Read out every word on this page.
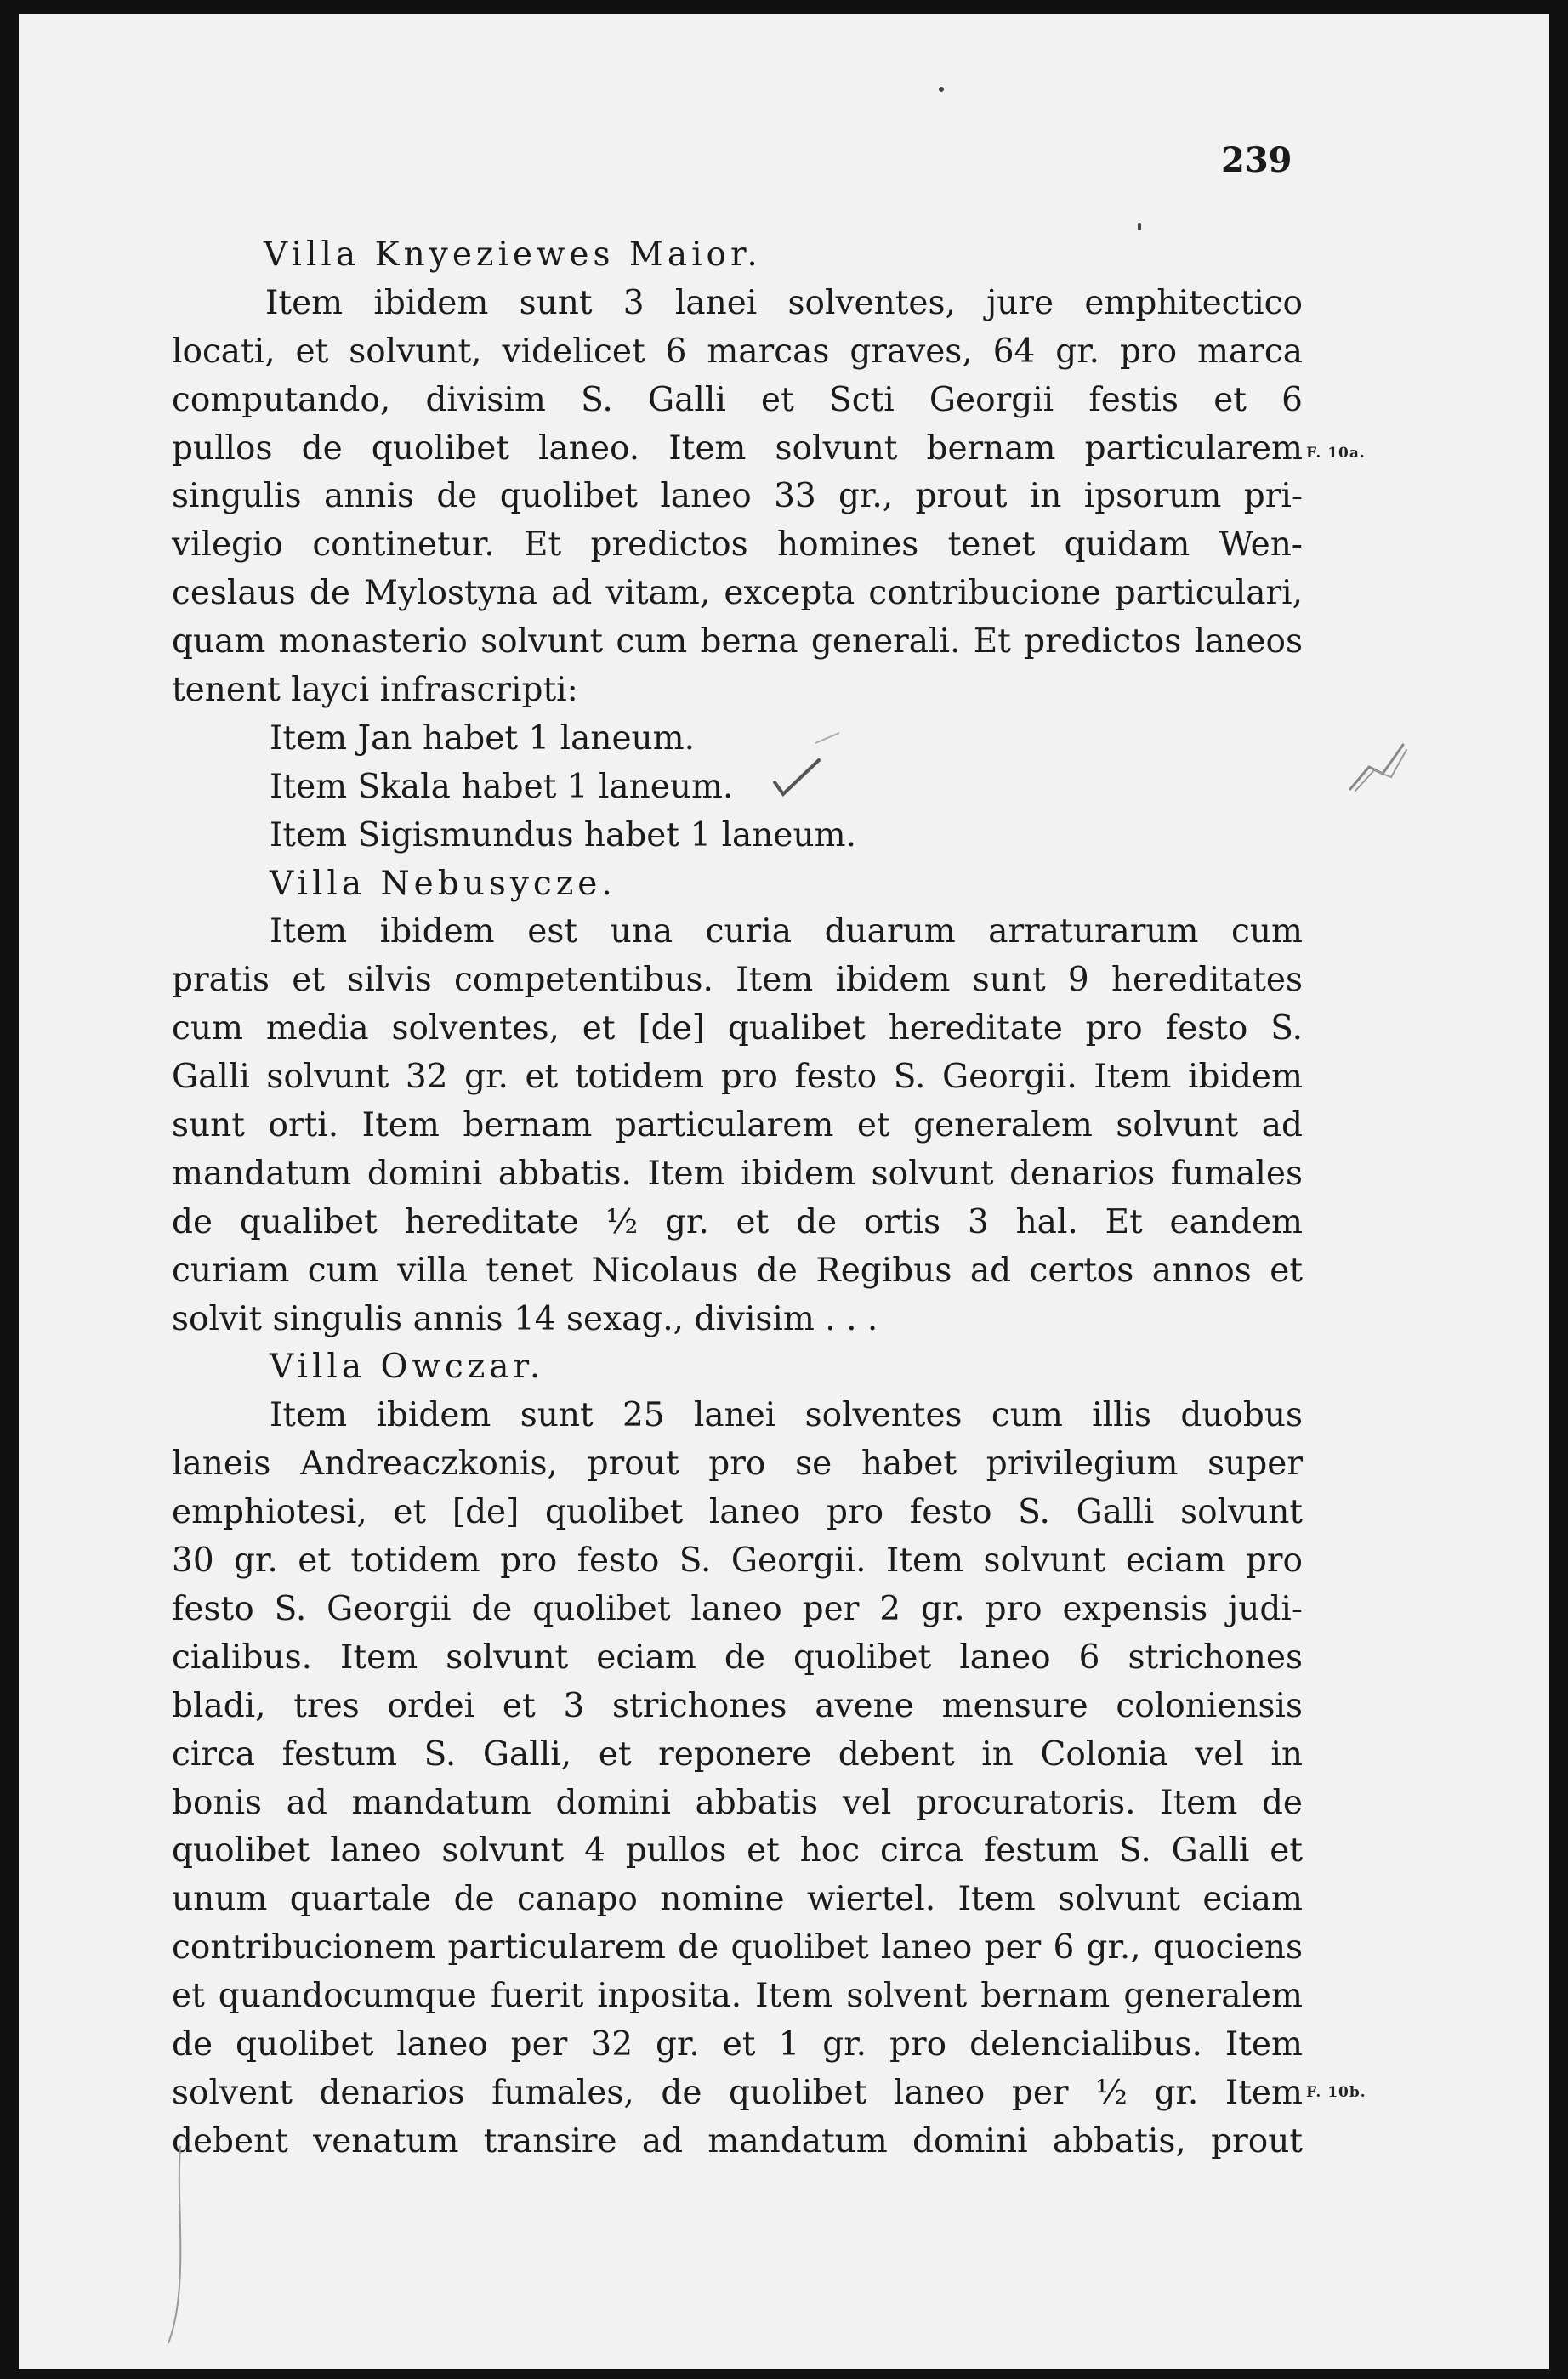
239
Villa Knyeziewes Maior.
Item ibidem sunt 3 lanei solventes, jure emphitectico
locati, et solvunt, videlicet 6 marcas graves, 64 gr. pro marca
computando, divisim S. Galli et Scti Georgii festis et 6
pullos de quolibet laneo. Item solvunt bernam particularem
singulis annis de quolibet laneo 33 gr., prout in ipsorum pri-
vilegio continetur. Et predictos homines tenet quidam Wen-
ceslaus de Mylostyna ad vitam, excepta contribucione particulari,
quam monasterio solvunt cum berna generali. Et predictos laneos
tenent layci infrascripti:
Item Jan habet 1 laneum.
Item Skala habet 1 laneum.
Item Sigismundus habet 1 laneum.
Villa Nebusycze.
Item ibidem est una curia duarum arraturarum cum
pratis et silvis competentibus. Item ibidem sunt 9 hereditates
cum media solventes, et [de] qualibet hereditate pro festo S.
Galli solvunt 32 gr. et totidem pro festo S. Georgii. Item ibidem
sunt orti. Item bernam particularem et generalem solvunt ad
mandatum domini abbatis. Item ibidem solvunt denarios fumales
de qualibet hereditate ½ gr. et de ortis 3 hal. Et eandem
curiam cum villa tenet Nicolaus de Regibus ad certos annos et
solvit singulis annis 14 sexag., divisim . . .
Villa Owczar.
Item ibidem sunt 25 lanei solventes cum illis duobus
laneis Andreaczkonis, prout pro se habet privilegium super
emphiotesi, et [de] quolibet laneo pro festo S. Galli solvunt
30 gr. et totidem pro festo S. Georgii. Item solvunt eciam pro
festo S. Georgii de quolibet laneo per 2 gr. pro expensis judi-
cialibus. Item solvunt eciam de quolibet laneo 6 strichones
bladi, tres ordei et 3 strichones avene mensure coloniensis
circa festum S. Galli, et reponere debent in Colonia vel in
bonis ad mandatum domini abbatis vel procuratoris. Item de
quolibet laneo solvunt 4 pullos et hoc circa festum S. Galli et
unum quartale de canapo nomine wiertel. Item solvunt eciam
contribucionem particularem de quolibet laneo per 6 gr., quociens
et quandocumque fuerit inposita. Item solvent bernam generalem
de quolibet laneo per 32 gr. et 1 gr. pro delencialibus. Item
solvent denarios fumales, de quolibet laneo per ½ gr. Item
debent venatum transire ad mandatum domini abbatis, prout
F. 10a.
F. 10b.
